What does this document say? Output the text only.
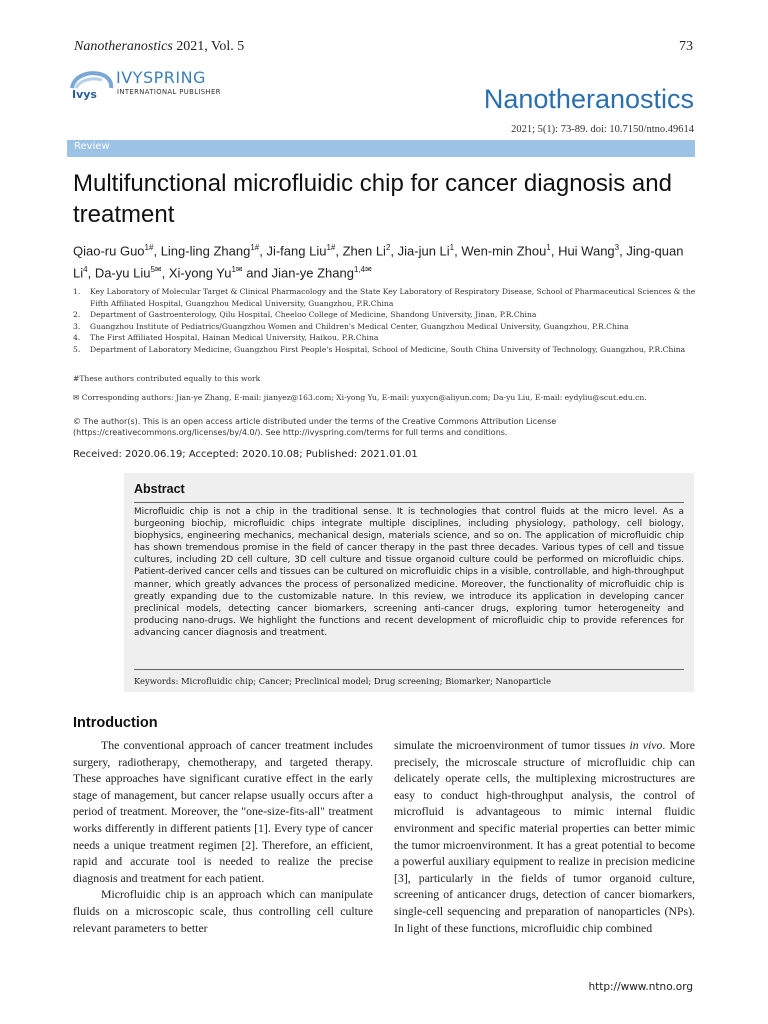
Nanotheranostics 2021, Vol. 5	73
Ivys
IVYSPRING
INTERNATIONAL PUBLISHER	Nanotheranostics
2021; 5(1): 73-89. doi: 10.7150/ntno.49614
Review
Multifunctional microfluidic chip for cancer diagnosis and treatment
Qiao-ru Guo$^{1\#}$, Ling-ling Zhang$^{1\#}$, Ji-fang Liu$^{1\#}$, Zhen Li$^2$, Jia-jun Li$^1$, Wen-min Zhou$^1$, Hui Wang$^3$, Jing-quan Li$^4$, Da-yu Liu$^{5✉}$, Xi-yong $Yu^{1✉}$ and Jian-ye Zhang$^{1,4✉}$
1.	Key Laboratory of Molecular Target & Clinical Pharmacology and the State Key Laboratory of Respiratory Disease, School of Pharmaceutical Sciences & the Fifth Affiliated Hospital, Guangzhou Medical University, Guangzhou, P.R.China
2.	Department of Gastroenterology, Qilu Hospital, Cheeloo College of Medicine, Shandong University, Jinan, P.R.China
3.	Guangzhou Institute of Pediatrics/Guangzhou Women and Children's Medical Center, Guangzhou Medical University, Guangzhou, P.R.China
4.	The First Affiliated Hospital, Hainan Medical University, Haikou, P.R.China
5.	Department of Laboratory Medicine, Guangzhou First People's Hospital, School of Medicine, South China University of Technology, Guangzhou, P.R.China
#These authors contributed equally to this work
✉ Corresponding authors: Jian-ye Zhang, E-mail: jianyez@163.com; Xi-yong Yu, E-mail: yuxycn@aliyun.com; Da-yu Liu, E-mail: eydyliu@scut.edu.cn.
© The author(s). This is an open access article distributed under the terms of the Creative Commons Attribution License (https://creativecommons.org/licenses/by/4.0/). See http://ivyspring.com/terms for full terms and conditions.
Received: 2020.06.19; Accepted: 2020.10.08; Published: 2021.01.01
Abstract
Microfluidic chip is not a chip in the traditional sense. It is technologies that control fluids at the micro level. As a burgeoning biochip, microfluidic chips integrate multiple disciplines, including physiology, pathology, cell biology, biophysics, engineering mechanics, mechanical design, materials science, and so on. The application of microfluidic chip has shown tremendous promise in the field of cancer therapy in the past three decades. Various types of cell and tissue cultures, including 2D cell culture, 3D cell culture and tissue organoid culture could be performed on microfluidic chips. Patient-derived cancer cells and tissues can be cultured on microfluidic chips in a visible, controllable, and high-throughput manner, which greatly advances the process of personalized medicine. Moreover, the functionality of microfluidic chip is greatly expanding due to the customizable nature. In this review, we introduce its application in developing cancer preclinical models, detecting cancer biomarkers, screening anti-cancer drugs, exploring tumor heterogeneity and producing nano-drugs. We highlight the functions and recent development of microfluidic chip to provide references for advancing cancer diagnosis and treatment.
Keywords: Microfluidic chip; Cancer; Preclinical model; Drug screening; Biomarker; Nanoparticle
Introduction

The conventional approach of cancer treatment includes surgery, radiotherapy, chemotherapy, and targeted therapy. These approaches have significant curative effect in the early stage of management, but cancer relapse usually occurs after a period of treatment. Moreover, the "one-size-fits-all" treatment works differently in different patients [1]. Every type of cancer needs a unique treatment regimen [2]. Therefore, an efficient, rapid and accurate tool is needed to realize the precise diagnosis and treatment for each patient.

Microfluidic chip is an approach which can manipulate fluids on a microscopic scale, thus controlling cell culture relevant parameters to better

simulate the microenvironment of tumor tissues in vivo. More precisely, the microscale structure of microfluidic chip can delicately operate cells, the multiplexing microstructures are easy to conduct high-throughput analysis, the control of microfluid is advantageous to mimic internal fluidic environment and specific material properties can better mimic the tumor microenvironment. It has a great potential to become a powerful auxiliary equipment to realize in precision medicine [3], particularly in the fields of tumor organoid culture, screening of anticancer drugs, detection of cancer biomarkers, single-cell sequencing and preparation of nanoparticles (NPs). In light of these functions, microfluidic chip combined

http://www.ntno.org
